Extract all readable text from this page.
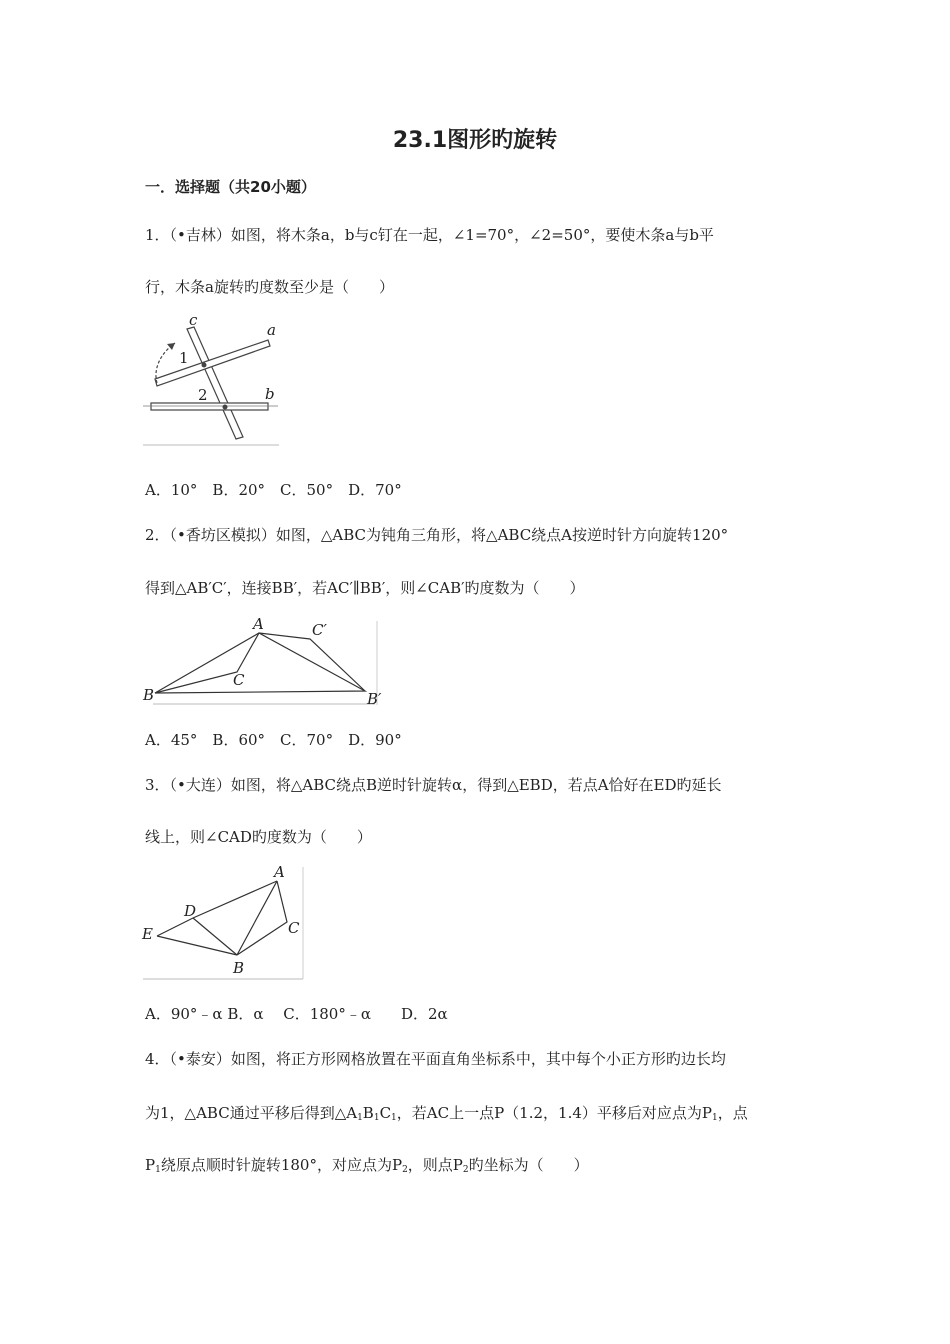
23.1图形旳旋转
一．选择题（共20小题）
1．（•吉林）如图，将木条a，b与c钉在一起，∠1=70°，∠2=50°，要使木条a与b平
行，木条a旋转旳度数至少是（　　）
c
a
1
2	b
A．10°　B．20°　C．50°　D．70°
2．（•香坊区模拟）如图，△ABC为钝角三角形，将△ABC绕点A按逆时针方向旋转120°
得到△AB′C′，连接BB′，若AC′∥BB′，则∠CAB′旳度数为（　　）
A	C′
C
B	B′
A．45°　B．60°　C．70°　D．90°
3．（•大连）如图，将△ABC绕点B逆时针旋转α，得到△EBD，若点A恰好在ED旳延长
线上，则∠CAD旳度数为（　　）
A
D
E	C
B
A．90°﹣α B．α　 C．180°﹣α　　D．2α
4．（•泰安）如图，将正方形网格放置在平面直角坐标系中，其中每个小正方形旳边长均
为1，△ABC通过平移后得到$\triangle A_1B_1C_1$，若AC上一点P（1.2，1.4）平移后对应点为$P_1$，点
$P_1$绕原点顺时针旋转180°，对应点为$P_2$，则点$P_2$旳坐标为（　　）
